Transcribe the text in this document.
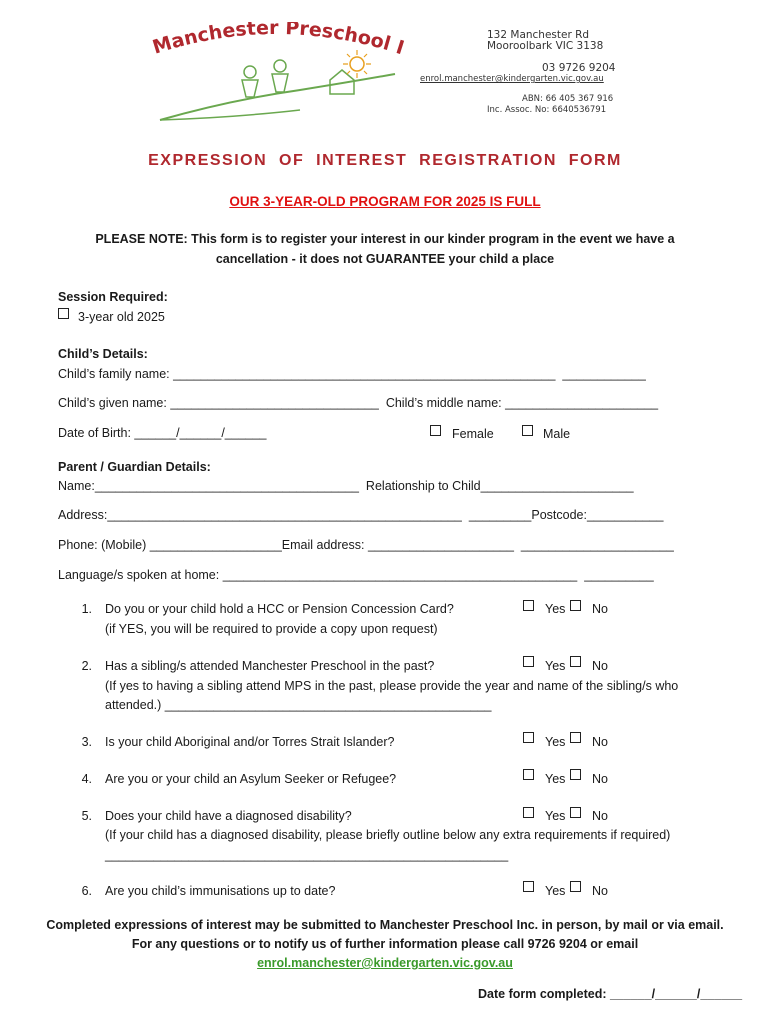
Manchester Preschool I
132 Manchester Rd
Mooroolbark VIC 3138
03 9726 9204
enrol.manchester@kindergarten.vic.gov.au
ABN: 66 405 367 916
Inc. Assoc. No: 6640536791
EXPRESSION  OF  INTEREST  REGISTRATION  FORM
OUR 3-YEAR-OLD PROGRAM FOR 2025 IS FULL
PLEASE NOTE: This form is to register your interest in our kinder program in the event we have a
cancellation - it does not GUARANTEE your child a place
Session Required:
3-year old 2025
Child’s Details:
Child’s family name: _______________________________________________________  ____________
Child’s given name: ______________________________  Child’s middle name: ______________________
Date of Birth: ______/______/______	Female	Male
Parent / Guardian Details:
Name:______________________________________  Relationship to Child______________________
Address:___________________________________________________  _________Postcode:___________
Phone: (Mobile) ___________________Email address: _____________________  ______________________
Language/s spoken at home: ___________________________________________________  __________
1. Do you or your child hold a HCC or Pension Concession Card?
(if YES, you will be required to provide a copy upon request)
Yes No
2. Has a sibling/s attended Manchester Preschool in the past?
(If yes to having a sibling attend MPS in the past, please provide the year and name of the sibling/s who
attended.) _______________________________________________
Yes No
3. Is your child Aboriginal and/or Torres Strait Islander?	Yes No
4. Are you or your child an Asylum Seeker or Refugee?	Yes No
5. Does your child have a diagnosed disability?
(If your child has a diagnosed disability, please briefly outline below any extra requirements if required)
__________________________________________________________
Yes No
6. Are you child’s immunisations up to date?	Yes No
Completed expressions of interest may be submitted to Manchester Preschool Inc. in person, by mail or via email.
For any questions or to notify us of further information please call 9726 9204 or email
enrol.manchester@kindergarten.vic.gov.au
Date form completed: ______/______/______
